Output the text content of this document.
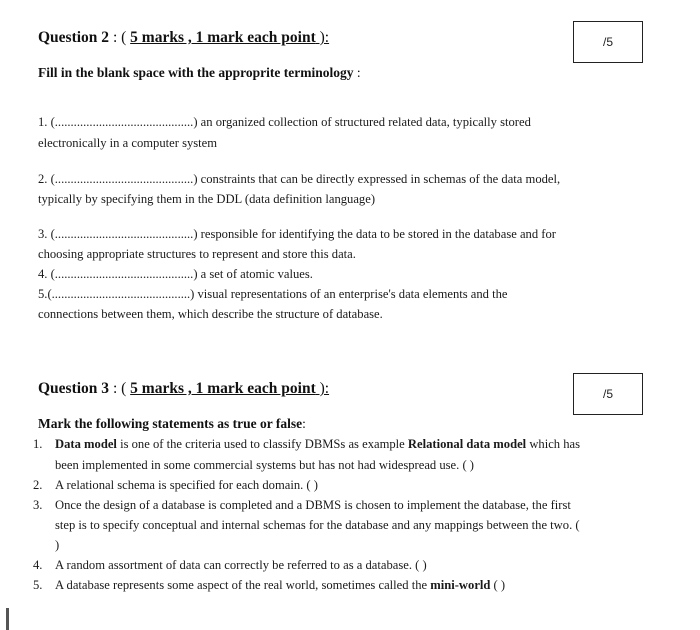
Question 2 : ( 5 marks , 1 mark each point ):	/5
Fill in the blank space with the approprite terminology :
1. (............................................) an organized collection of structured related data, typically stored
electronically in a computer system
2. (............................................) constraints that can be directly expressed in schemas of the data model,
typically by specifying them in the DDL (data definition language)
3. (............................................) responsible for identifying the data to be stored in the database and for
choosing appropriate structures to represent and store this data.
4. (............................................) a set of atomic values.
5.(............................................) visual representations of an enterprise's data elements and the
connections between them, which describe the structure of database.
Question 3 : ( 5 marks , 1 mark each point ):	/5
Mark the following statements as true or false:
1. Data model is one of the criteria used to classify DBMSs as example Relational data model which has
been implemented in some commercial systems but has not had widespread use. ( )
2. A relational schema is specified for each domain. ( )
3. Once the design of a database is completed and a DBMS is chosen to implement the database, the first
step is to specify conceptual and internal schemas for the database and any mappings between the two. (
)
4. A random assortment of data can correctly be referred to as a database. ( )
5. A database represents some aspect of the real world, sometimes called the mini-world ( )
